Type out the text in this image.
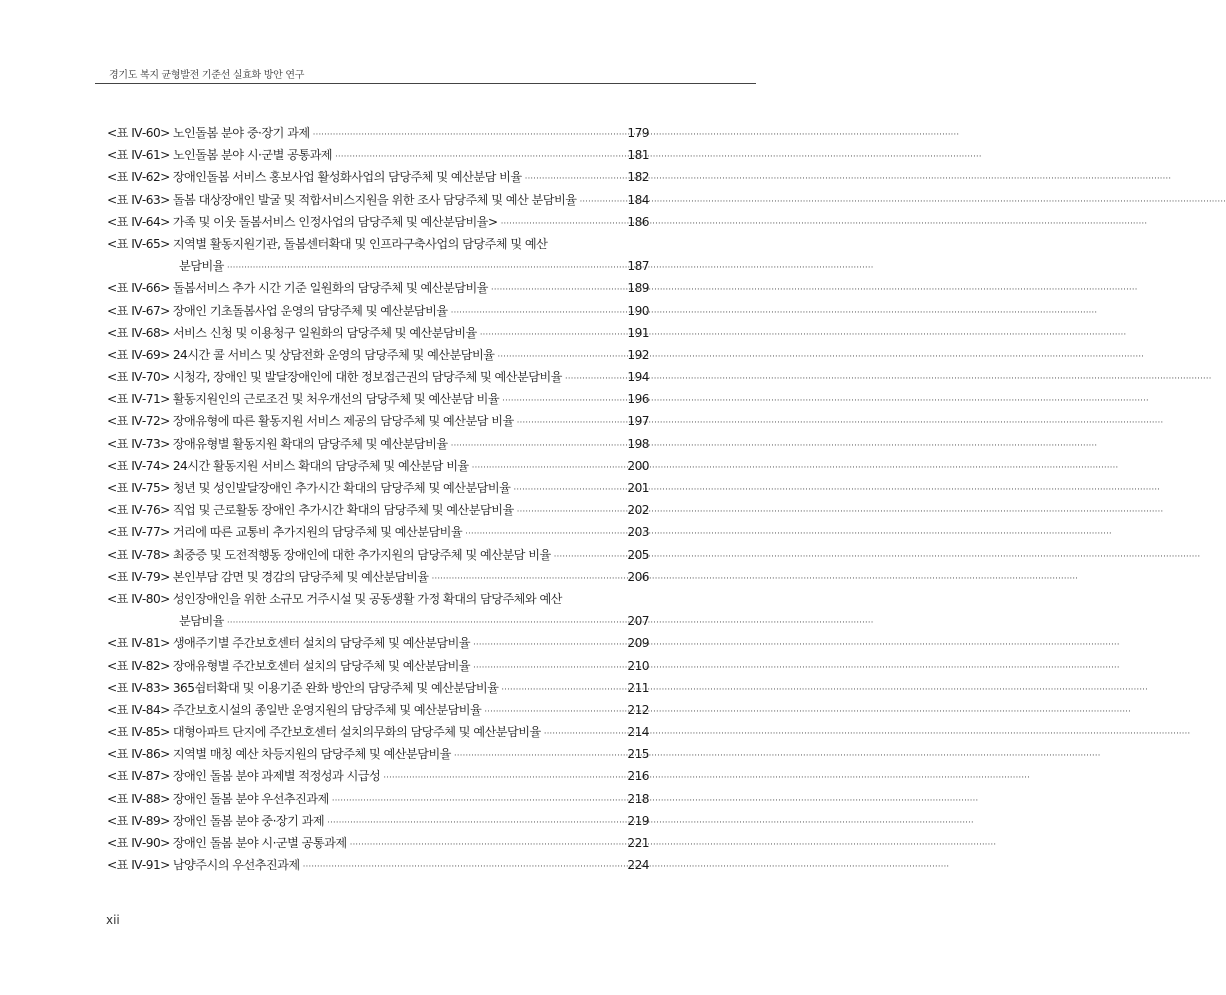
경기도 복지 균형발전 기준선 실효화 방안 연구
<표 Ⅳ-60> 노인돌봄 분야 중·장기 과제 ·····	179
<표 Ⅳ-61> 노인돌봄 분야 시·군별 공통과제 ·····	181
<표 Ⅳ-62> 장애인돌봄 서비스 홍보사업 활성화사업의 담당주체 및 예산분담 비율 ·····	182
<표 Ⅳ-63> 돌봄 대상장애인 발굴 및 적합서비스지원을 위한 조사 담당주체 및 예산 분담비율 ·····	184
<표 Ⅳ-64> 가족 및 이웃 돌봄서비스 인정사업의 담당주체 및 예산분담비율> ·····	186
<표 Ⅳ-65> 지역별 활동지원기관, 돌봄센터확대 및 인프라구축사업의 담당주체 및 예산
분담비율 ·····	187
<표 Ⅳ-66> 돌봄서비스 추가 시간 기준 일원화의 담당주체 및 예산분담비율 ·····	189
<표 Ⅳ-67> 장애인 기초돌봄사업 운영의 담당주체 및 예산분담비율 ·····	190
<표 Ⅳ-68> 서비스 신청 및 이용청구 일원화의 담당주체 및 예산분담비율 ·····	191
<표 Ⅳ-69> 24시간 콜 서비스 및 상담전화 운영의 담당주체 및 예산분담비율 ·····	192
<표 Ⅳ-70> 시청각, 장애인 및 발달장애인에 대한 정보접근권의 담당주체 및 예산분담비율 ·····	194
<표 Ⅳ-71> 활동지원인의 근로조건 및 처우개선의 담당주체 및 예산분담 비율 ·····	196
<표 Ⅳ-72> 장애유형에 따른 활동지원 서비스 제공의 담당주체 및 예산분담 비율 ·····	197
<표 Ⅳ-73> 장애유형별 활동지원 확대의 담당주체 및 예산분담비율 ·····	198
<표 Ⅳ-74> 24시간 활동지원 서비스 확대의 담당주체 및 예산분담 비율 ·····	200
<표 Ⅳ-75> 청년 및 성인발달장애인 추가시간 확대의 담당주체 및 예산분담비율 ·····	201
<표 Ⅳ-76> 직업 및 근로활동 장애인 추가시간 확대의 담당주체 및 예산분담비율 ·····	202
<표 Ⅳ-77> 거리에 따른 교통비 추가지원의 담당주체 및 예산분담비율 ·····	203
<표 Ⅳ-78> 최중증 및 도전적행동 장애인에 대한 추가지원의 담당주체 및 예산분담 비율 ·····	205
<표 Ⅳ-79> 본인부담 감면 및 경감의 담당주체 및 예산분담비율 ·····	206
<표 Ⅳ-80> 성인장애인을 위한 소규모 거주시설 및 공동생활 가정 확대의 담당주체와 예산
분담비율 ·····	207
<표 Ⅳ-81> 생애주기별 주간보호센터 설치의 담당주체 및 예산분담비율 ·····	209
<표 Ⅳ-82> 장애유형별 주간보호센터 설치의 담당주체 및 예산분담비율 ·····	210
<표 Ⅳ-83> 365쉼터확대 및 이용기준 완화 방안의 담당주체 및 예산분담비율 ·····	211
<표 Ⅳ-84> 주간보호시설의 종일반 운영지원의 담당주체 및 예산분담비율 ·····	212
<표 Ⅳ-85> 대형아파트 단지에 주간보호센터 설치의무화의 담당주체 및 예산분담비율 ·····	214
<표 Ⅳ-86> 지역별 매칭 예산 차등지원의 담당주체 및 예산분담비율 ·····	215
<표 Ⅳ-87> 장애인 돌봄 분야 과제별 적정성과 시급성 ·····	216
<표 Ⅳ-88> 장애인 돌봄 분야 우선추진과제 ·····	218
<표 Ⅳ-89> 장애인 돌봄 분야 중·장기 과제 ·····	219
<표 Ⅳ-90> 장애인 돌봄 분야 시·군별 공통과제 ·····	221
<표 Ⅳ-91> 남양주시의 우선추진과제 ·····	224
xii
